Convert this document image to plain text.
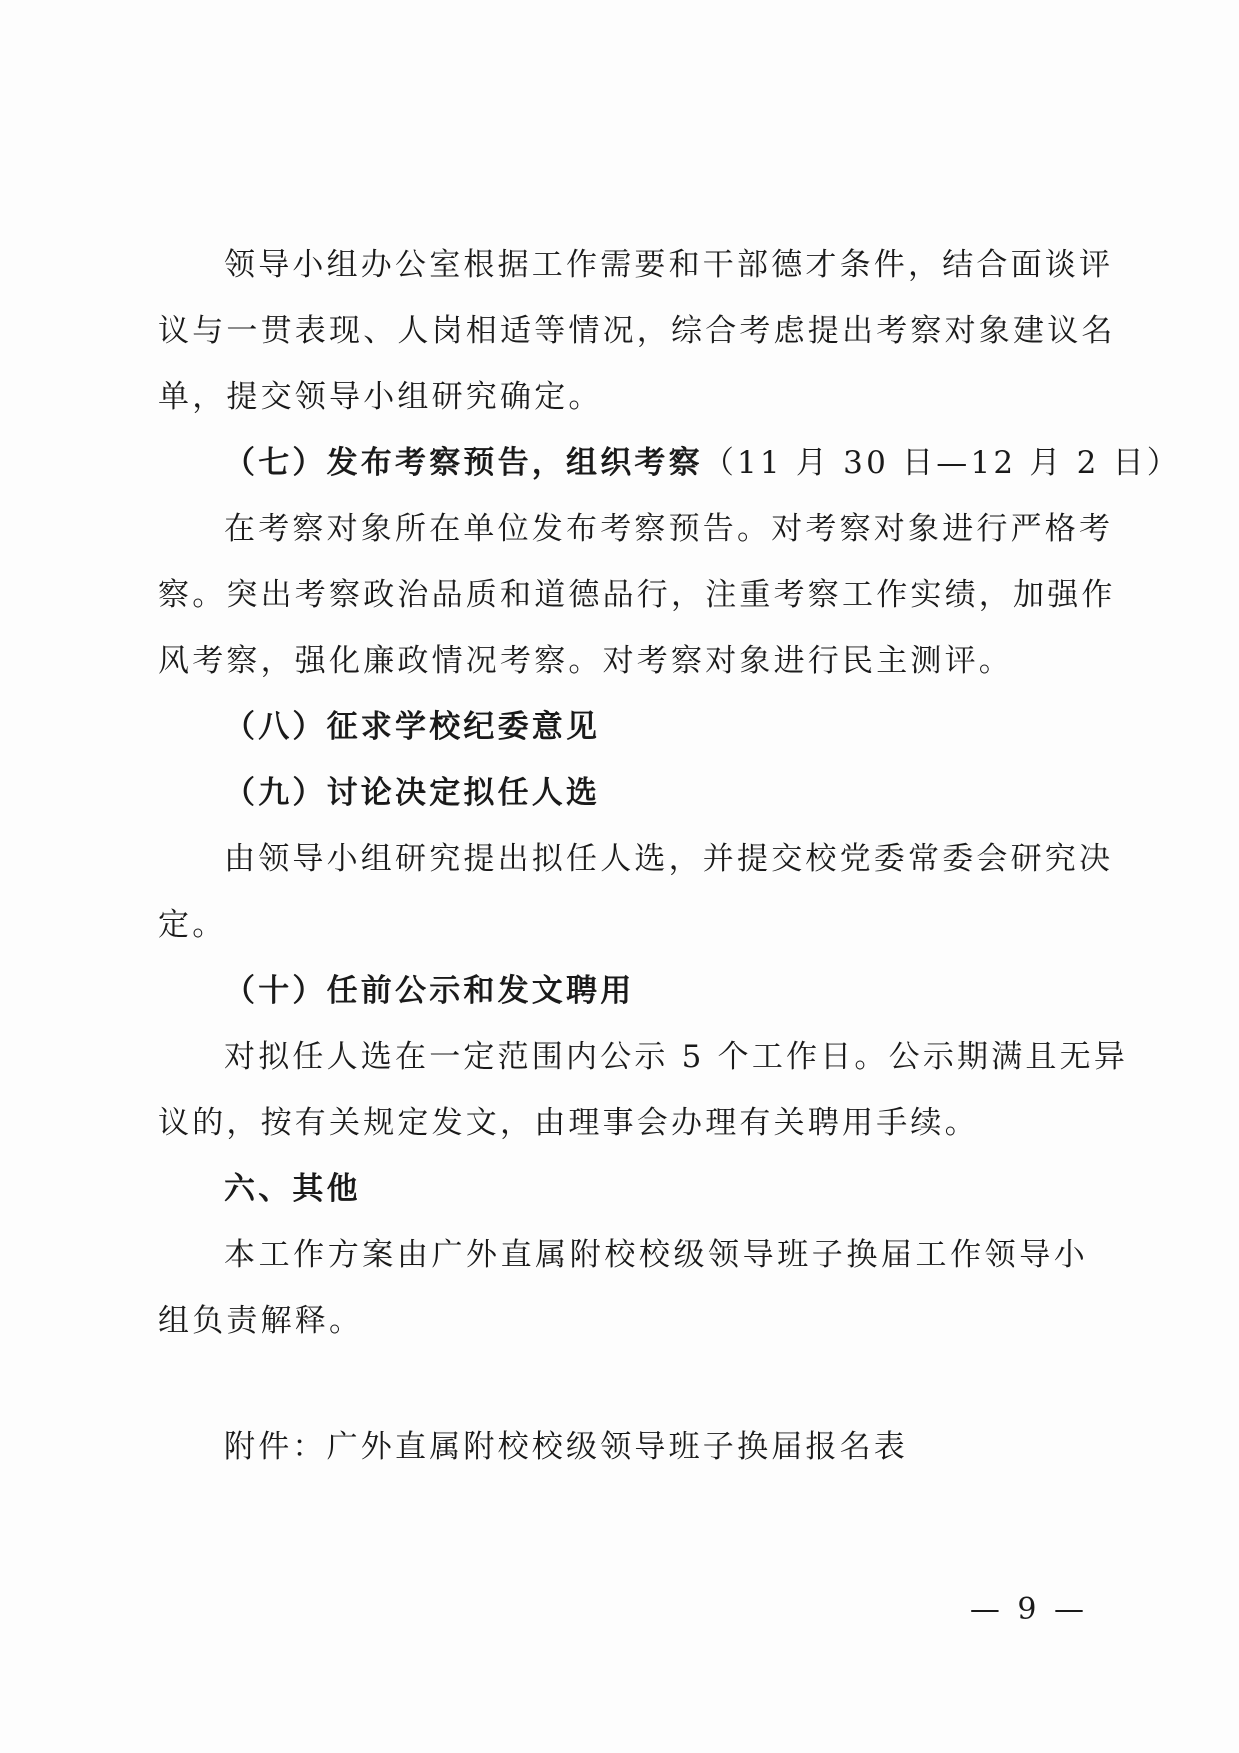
领导小组办公室根据工作需要和干部德才条件，结合面谈评
议与一贯表现、人岗相适等情况，综合考虑提出考察对象建议名
单，提交领导小组研究确定。
（七）发布考察预告，组织考察（11 月 30 日—12 月 2 日）
在考察对象所在单位发布考察预告。对考察对象进行严格考
察。突出考察政治品质和道德品行，注重考察工作实绩，加强作
风考察，强化廉政情况考察。对考察对象进行民主测评。
（八）征求学校纪委意见
（九）讨论决定拟任人选
由领导小组研究提出拟任人选，并提交校党委常委会研究决
定。
（十）任前公示和发文聘用
对拟任人选在一定范围内公示 5 个工作日。公示期满且无异
议的，按有关规定发文，由理事会办理有关聘用手续。
六、其他
本工作方案由广外直属附校校级领导班子换届工作领导小
组负责解释。
附件：广外直属附校校级领导班子换届报名表
— 9 —
